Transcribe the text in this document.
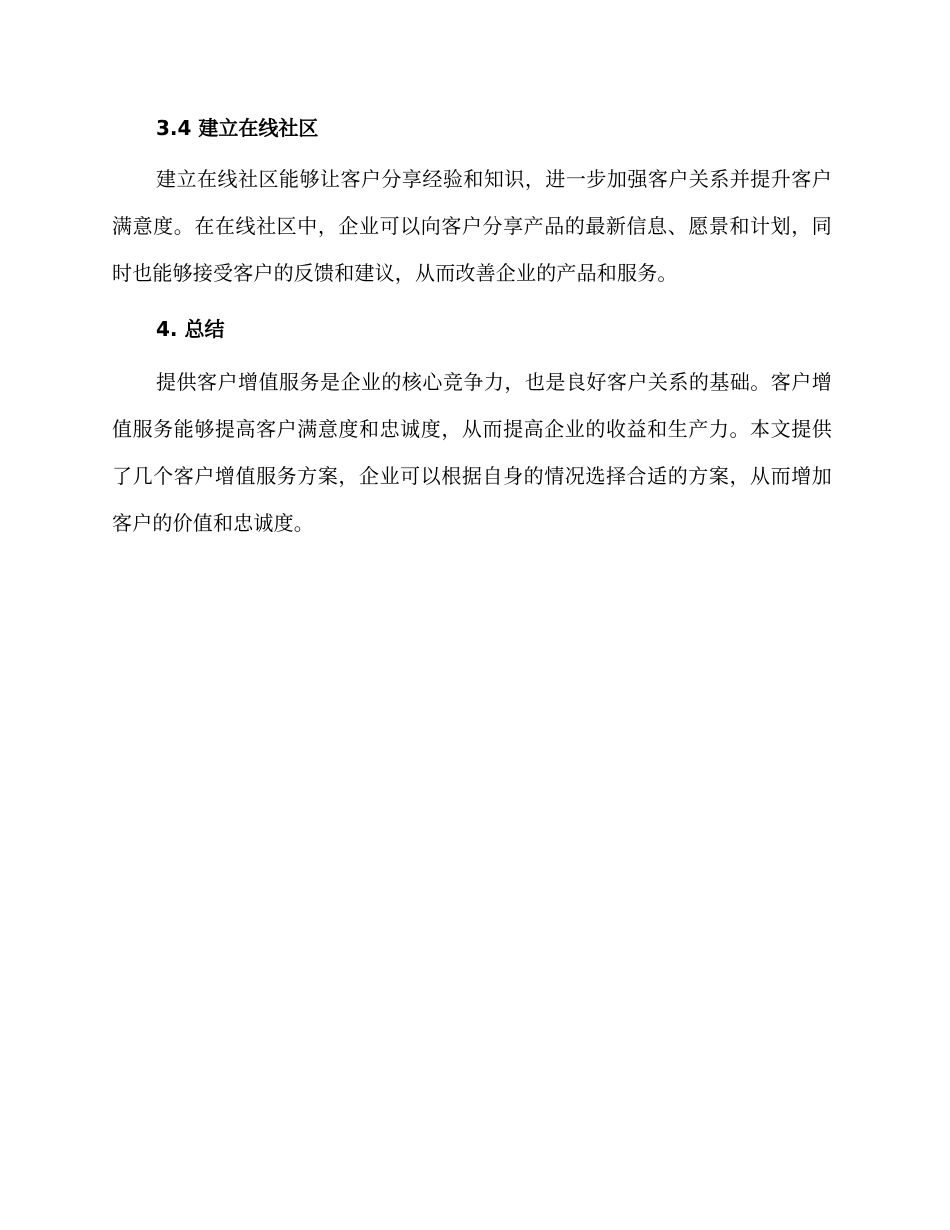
3.4 建立在线社区

建立在线社区能够让客户分享经验和知识，进一步加强客户关系并提升客户满意度。在在线社区中，企业可以向客户分享产品的最新信息、愿景和计划，同时也能够接受客户的反馈和建议，从而改善企业的产品和服务。

4. 总结

提供客户增值服务是企业的核心竞争力，也是良好客户关系的基础。客户增值服务能够提高客户满意度和忠诚度，从而提高企业的收益和生产力。本文提供了几个客户增值服务方案，企业可以根据自身的情况选择合适的方案，从而增加客户的价值和忠诚度。
